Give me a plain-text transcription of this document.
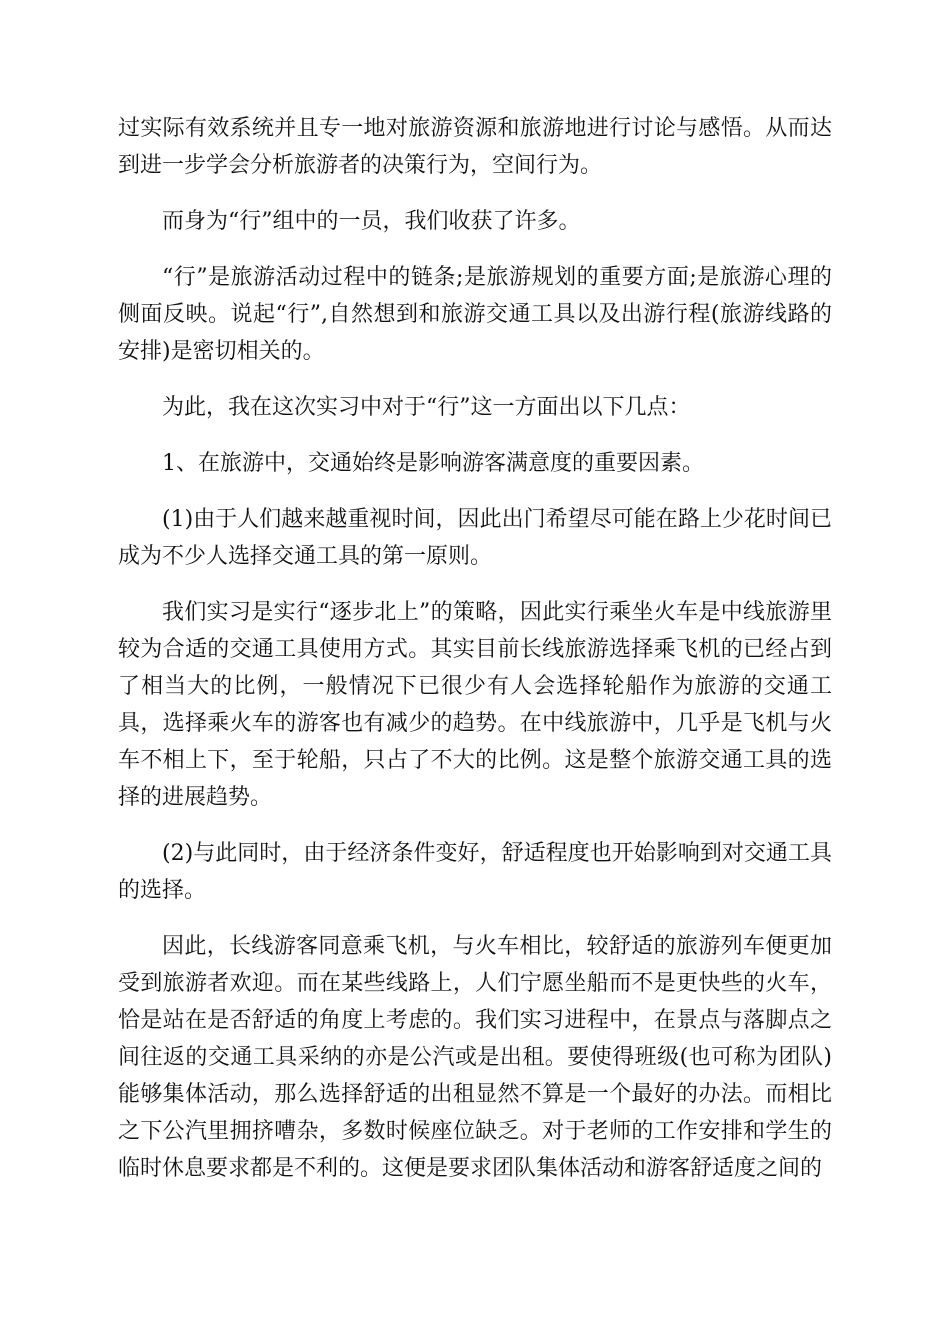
过实际有效系统并且专一地对旅游资源和旅游地进行讨论与感悟。从而达到进一步学会分析旅游者的决策行为，空间行为。

而身为“行”组中的一员，我们收获了许多。

“行”是旅游活动过程中的链条;是旅游规划的重要方面;是旅游心理的侧面反映。说起“行”,自然想到和旅游交通工具以及出游行程(旅游线路的安排)是密切相关的。

为此，我在这次实习中对于“行”这一方面出以下几点：

1、在旅游中，交通始终是影响游客满意度的重要因素。

(1)由于人们越来越重视时间，因此出门希望尽可能在路上少花时间已成为不少人选择交通工具的第一原则。

我们实习是实行“逐步北上”的策略，因此实行乘坐火车是中线旅游里较为合适的交通工具使用方式。其实目前长线旅游选择乘飞机的已经占到了相当大的比例，一般情况下已很少有人会选择轮船作为旅游的交通工具，选择乘火车的游客也有减少的趋势。在中线旅游中，几乎是飞机与火车不相上下，至于轮船，只占了不大的比例。这是整个旅游交通工具的选择的进展趋势。

(2)与此同时，由于经济条件变好，舒适程度也开始影响到对交通工具的选择。

因此，长线游客同意乘飞机，与火车相比，较舒适的旅游列车便更加受到旅游者欢迎。而在某些线路上，人们宁愿坐船而不是更快些的火车，恰是站在是否舒适的角度上考虑的。我们实习进程中，在景点与落脚点之间往返的交通工具采纳的亦是公汽或是出租。要使得班级(也可称为团队)能够集体活动，那么选择舒适的出租显然不算是一个最好的办法。而相比之下公汽里拥挤嘈杂，多数时候座位缺乏。对于老师的工作安排和学生的临时休息要求都是不利的。这便是要求团队集体活动和游客舒适度之间的
